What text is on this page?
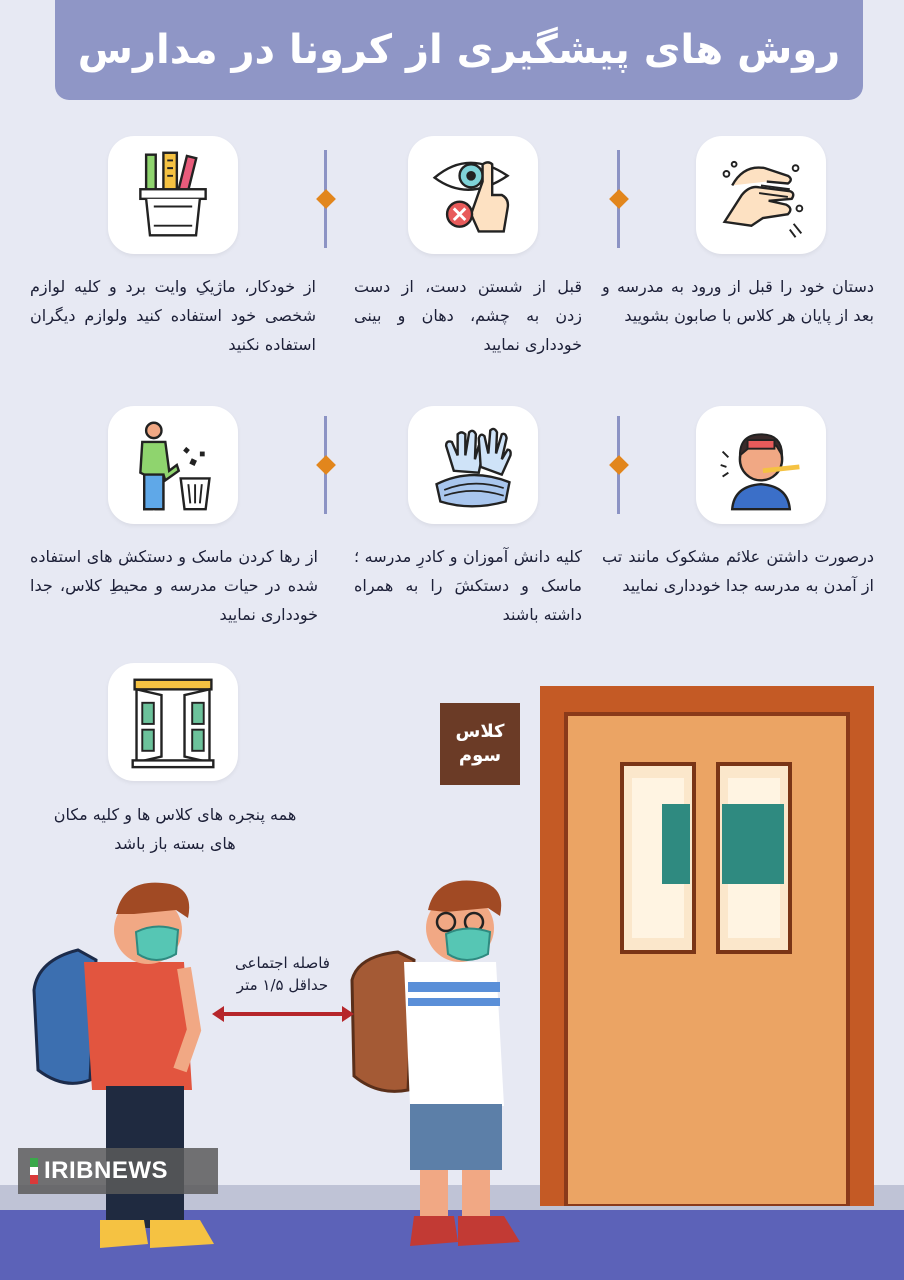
روش های پیشگیری از کرونا در مدارس
دستان خود را قبل از ورود به مدرسه و بعد از پایان هر کلاس با صابون بشویید
قبل از شستن دست، از دست زدن به چشم، دهان و بینی خودداری نمایید
از خودکار، ماژیکِ وایت برد و کلیه لوازم شخصی خود استفاده کنید ولوازم دیگران استفاده نکنید
درصورت داشتن علائم مشکوک مانند تب از آمدن به مدرسه جدا خودداری نمایید
کلیه دانش آموزان و کادرِ مدرسه ؛ ماسک و دستکشَ را به همراه داشته باشند
از رها کردن ماسک و دستکش های استفاده شده در حیات مدرسه و محیطِ کلاس، جدا خودداری نمایید
همه پنجره های کلاس ها و کلیه مکان های بسته باز باشد
کلاس
سوم
فاصله اجتماعی
حداقل ۱/۵ متر
IRIBNEWS
